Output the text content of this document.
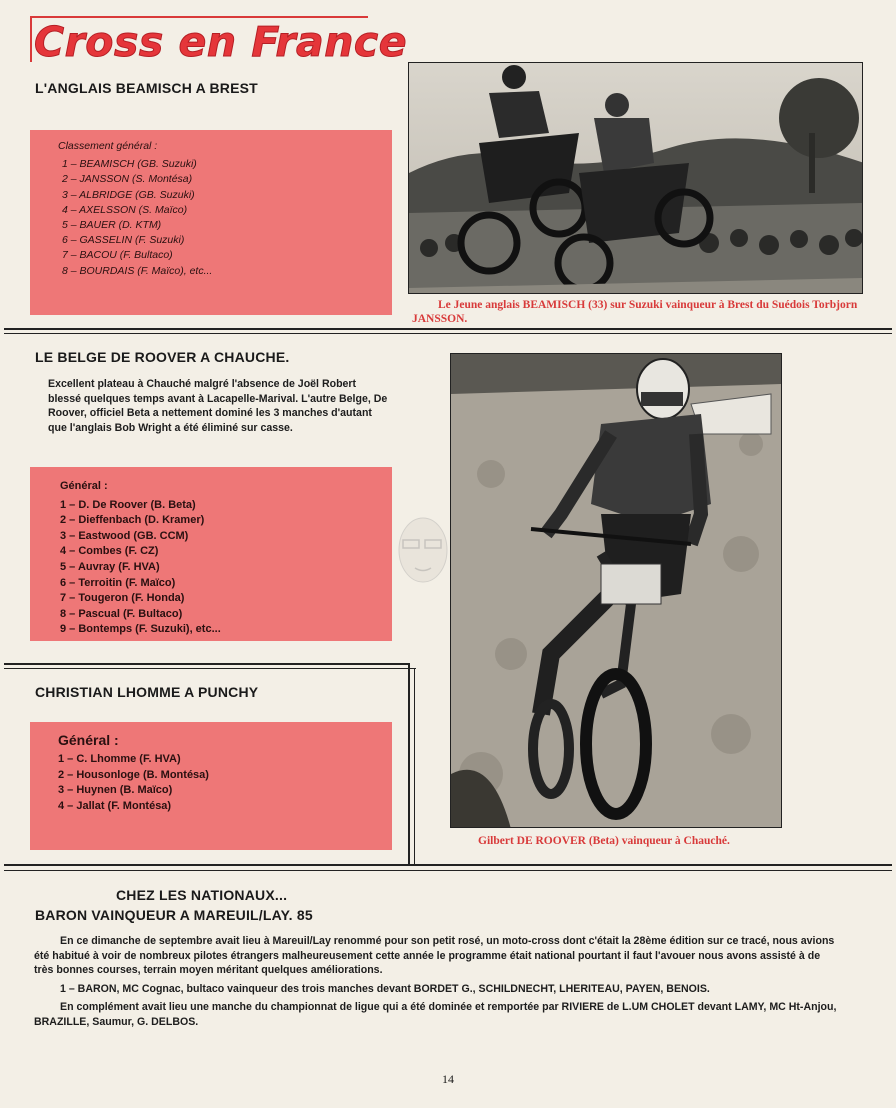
Cross en France
L'ANGLAIS BEAMISCH A BREST
Classement général :
1 – BEAMISCH (GB. Suzuki)
2 – JANSSON (S. Montésa)
3 – ALBRIDGE (GB. Suzuki)
4 – AXELSSON (S. Maïco)
5 – BAUER (D. KTM)
6 – GASSELIN (F. Suzuki)
7 – BACOU (F. Bultaco)
8 – BOURDAIS (F. Maïco), etc...
Le Jeune anglais BEAMISCH (33) sur Suzuki vainqueur à Brest du Suédois Torbjorn JANSSON.
LE BELGE DE ROOVER A CHAUCHE.
Excellent plateau à Chauché malgré l'absence de Joël Robert blessé quelques temps avant à Lacapelle-Marival. L'autre Belge, De Roover, officiel Beta a nettement dominé les 3 manches d'autant que l'anglais Bob Wright a été éliminé sur casse.
Général :
1 – D. De Roover (B. Beta)
2 – Dieffenbach (D. Kramer)
3 – Eastwood (GB. CCM)
4 – Combes (F. CZ)
5 – Auvray (F. HVA)
6 – Terroitin (F. Maïco)
7 – Tougeron (F. Honda)
8 – Pascual (F. Bultaco)
9 – Bontemps (F. Suzuki), etc...
Gilbert DE ROOVER (Beta) vainqueur à Chauché.
CHRISTIAN LHOMME A PUNCHY
Général :
1 – C. Lhomme (F. HVA)
2 – Housonloge (B. Montésa)
3 – Huynen (B. Maïco)
4 – Jallat (F. Montésa)
CHEZ LES NATIONAUX...
BARON VAINQUEUR A MAREUIL/LAY. 85

En ce dimanche de septembre avait lieu à Mareuil/Lay renommé pour son petit rosé, un moto-cross dont c'était la 28ème édition sur ce tracé, nous avions été habitué à voir de nombreux pilotes étrangers malheureusement cette année le programme était national pourtant il faut l'avouer nous avons assisté à de très bonnes courses, terrain moyen méritant quelques améliorations.

1 – BARON, MC Cognac, bultaco vainqueur des trois manches devant BORDET G., SCHILDNECHT, LHERITEAU, PAYEN, BENOIS.

En complément avait lieu une manche du championnat de ligue qui a été dominée et remportée par RIVIERE de L.UM CHOLET devant LAMY, MC Ht-Anjou, BRAZILLE, Saumur, G. DELBOS.

14
